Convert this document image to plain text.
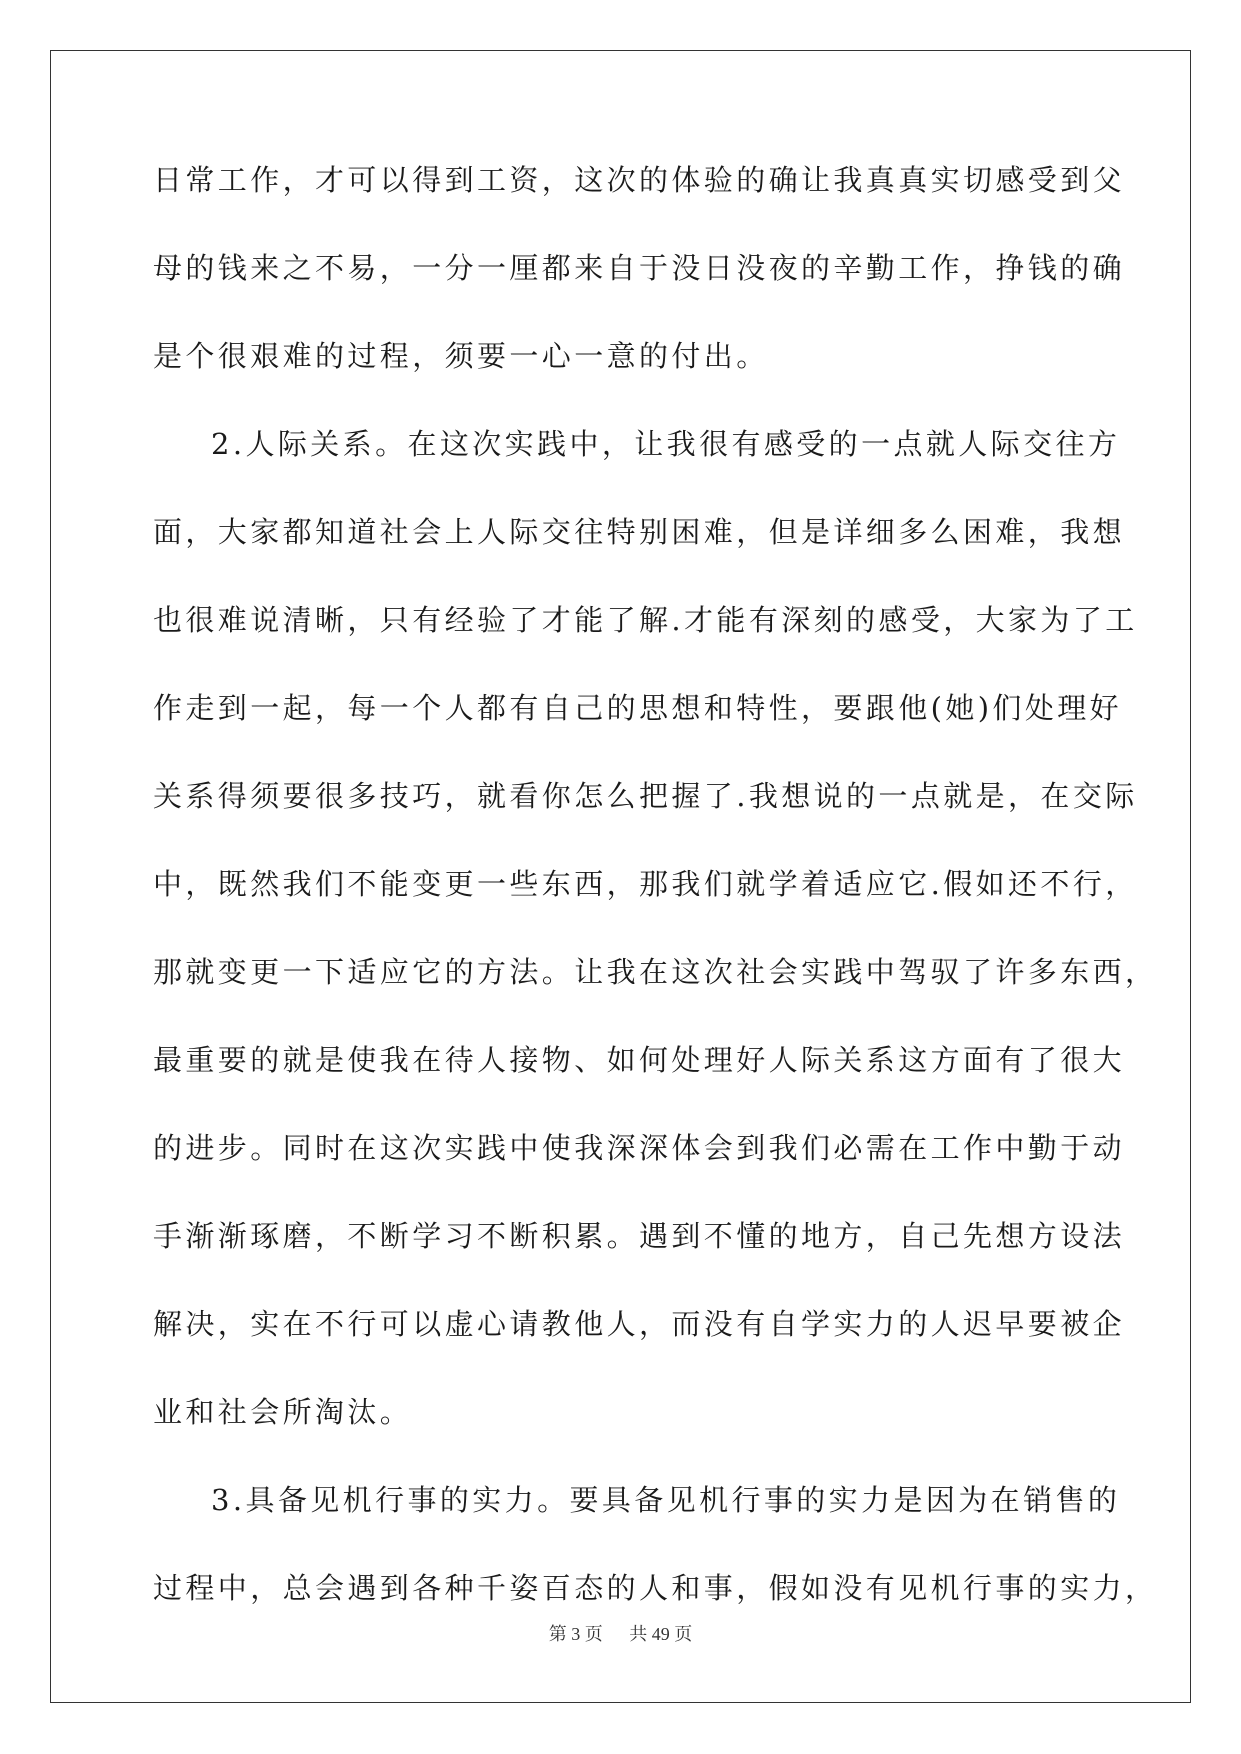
日常工作，才可以得到工资，这次的体验的确让我真真实切感受到父
母的钱来之不易，一分一厘都来自于没日没夜的辛勤工作，挣钱的确
是个很艰难的过程，须要一心一意的付出。
2.人际关系。在这次实践中，让我很有感受的一点就人际交往方
面，大家都知道社会上人际交往特别困难，但是详细多么困难，我想
也很难说清晰，只有经验了才能了解.才能有深刻的感受，大家为了工
作走到一起，每一个人都有自己的思想和特性，要跟他(她)们处理好
关系得须要很多技巧，就看你怎么把握了.我想说的一点就是，在交际
中，既然我们不能变更一些东西，那我们就学着适应它.假如还不行，
那就变更一下适应它的方法。让我在这次社会实践中驾驭了许多东西，
最重要的就是使我在待人接物、如何处理好人际关系这方面有了很大
的进步。同时在这次实践中使我深深体会到我们必需在工作中勤于动
手渐渐琢磨，不断学习不断积累。遇到不懂的地方，自己先想方设法
解决，实在不行可以虚心请教他人，而没有自学实力的人迟早要被企
业和社会所淘汰。
3.具备见机行事的实力。要具备见机行事的实力是因为在销售的
过程中，总会遇到各种千姿百态的人和事，假如没有见机行事的实力，
第 3 页 共 49 页
